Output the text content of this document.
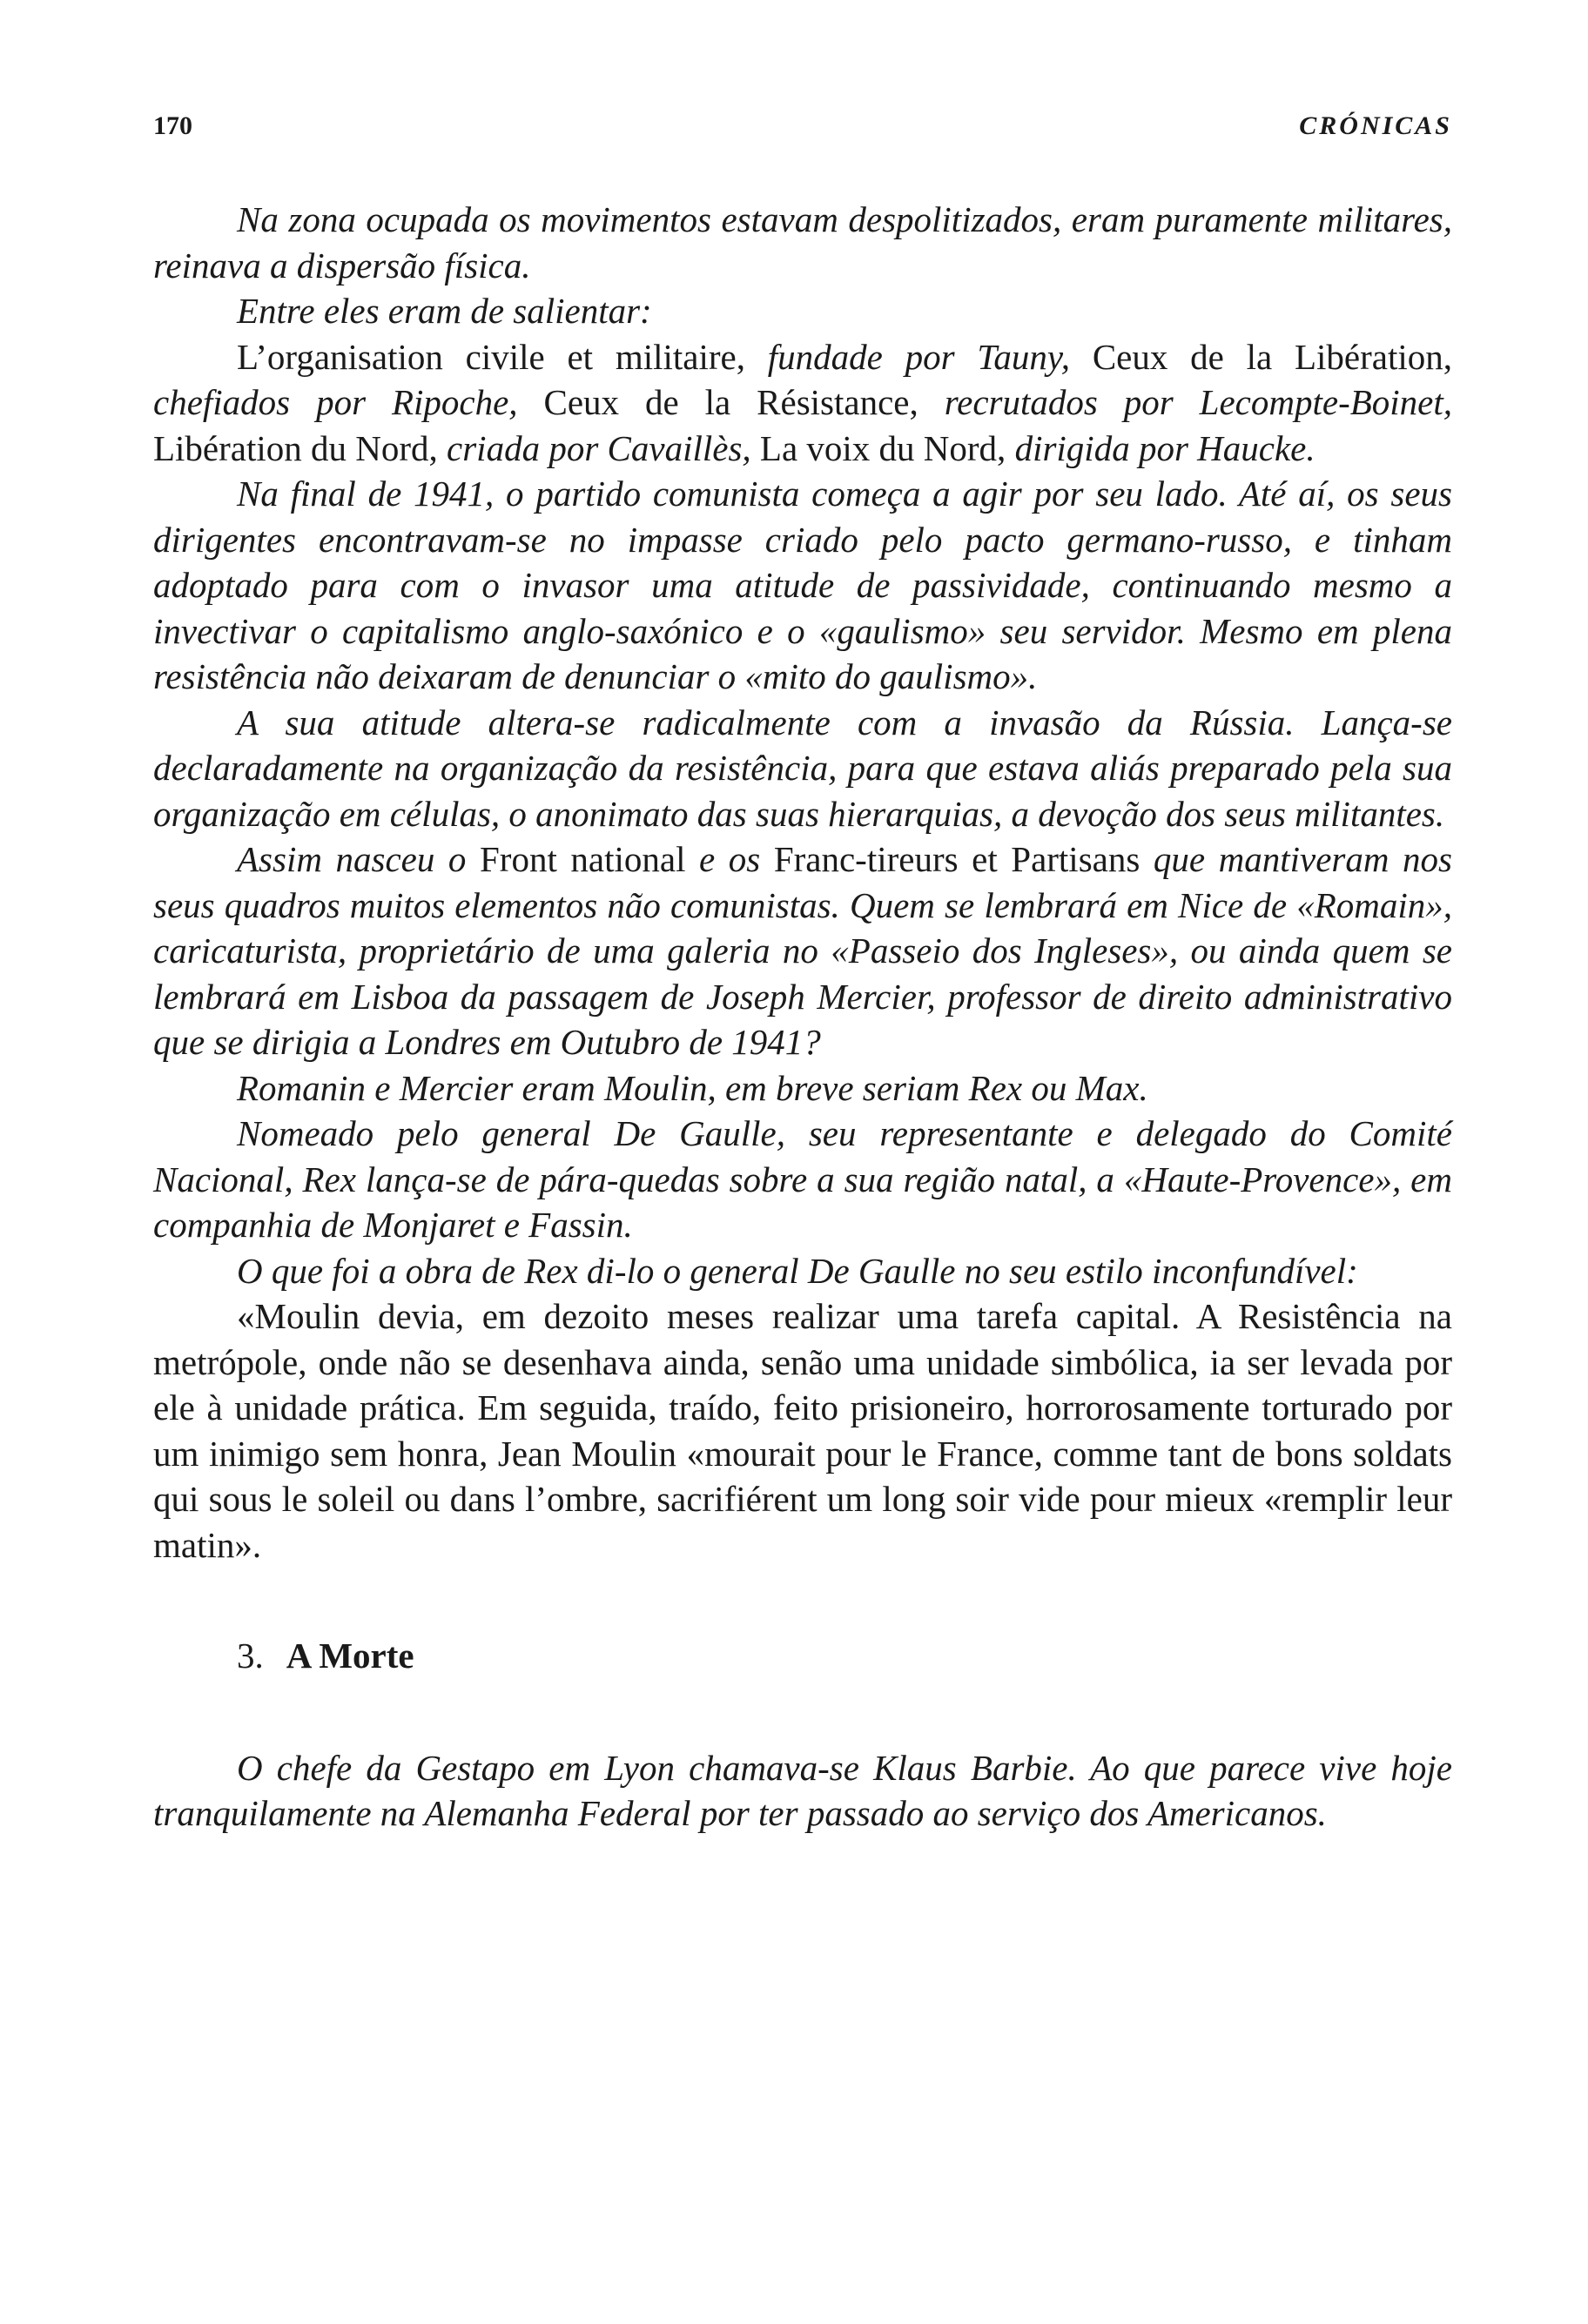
170	CRÓNICAS

Na zona ocupada os movimentos estavam despolitizados, eram puramente militares, reinava a dispersão física.

Entre eles eram de salientar:

L’organisation civile et militaire, fundade por Tauny, Ceux de la Libération, chefiados por Ripoche, Ceux de la Résistance, recrutados por Lecompte-Boinet, Libération du Nord, criada por Cavaillès, La voix du Nord, dirigida por Haucke.

Na final de 1941, o partido comunista começa a agir por seu lado. Até aí, os seus dirigentes encontravam-se no impasse criado pelo pacto germano-russo, e tinham adoptado para com o invasor uma atitude de passividade, continuando mesmo a invectivar o capitalismo anglo-saxónico e o «gaulismo» seu servidor. Mesmo em plena resistência não deixaram de denunciar o «mito do gaulismo».

A sua atitude altera-se radicalmente com a invasão da Rússia. Lança-se declaradamente na organização da resistência, para que estava aliás preparado pela sua organização em células, o anonimato das suas hierarquias, a devoção dos seus militantes.

Assim nasceu o Front national e os Franc-tireurs et Partisans que mantiveram nos seus quadros muitos elementos não comunistas. Quem se lembrará em Nice de «Romain», caricaturista, proprietário de uma galeria no «Passeio dos Ingleses», ou ainda quem se lembrará em Lisboa da passagem de Joseph Mercier, professor de direito administrativo que se dirigia a Londres em Outubro de 1941?

Romanin e Mercier eram Moulin, em breve seriam Rex ou Max.

Nomeado pelo general De Gaulle, seu representante e delegado do Comité Nacional, Rex lança-se de pára-quedas sobre a sua região natal, a «Haute-Provence», em companhia de Monjaret e Fassin.

O que foi a obra de Rex di-lo o general De Gaulle no seu estilo inconfundível:

«Moulin devia, em dezoito meses realizar uma tarefa capital. A Resistência na metrópole, onde não se desenhava ainda, senão uma unidade simbólica, ia ser levada por ele à unidade prática. Em seguida, traído, feito prisioneiro, horrorosamente torturado por um inimigo sem honra, Jean Moulin «mourait pour le France, comme tant de bons soldats qui sous le soleil ou dans l’ombre, sacrifiérent um long soir vide pour mieux «remplir leur matin».

3. A Morte

O chefe da Gestapo em Lyon chamava-se Klaus Barbie. Ao que parece vive hoje tranquilamente na Alemanha Federal por ter passado ao serviço dos Americanos.
